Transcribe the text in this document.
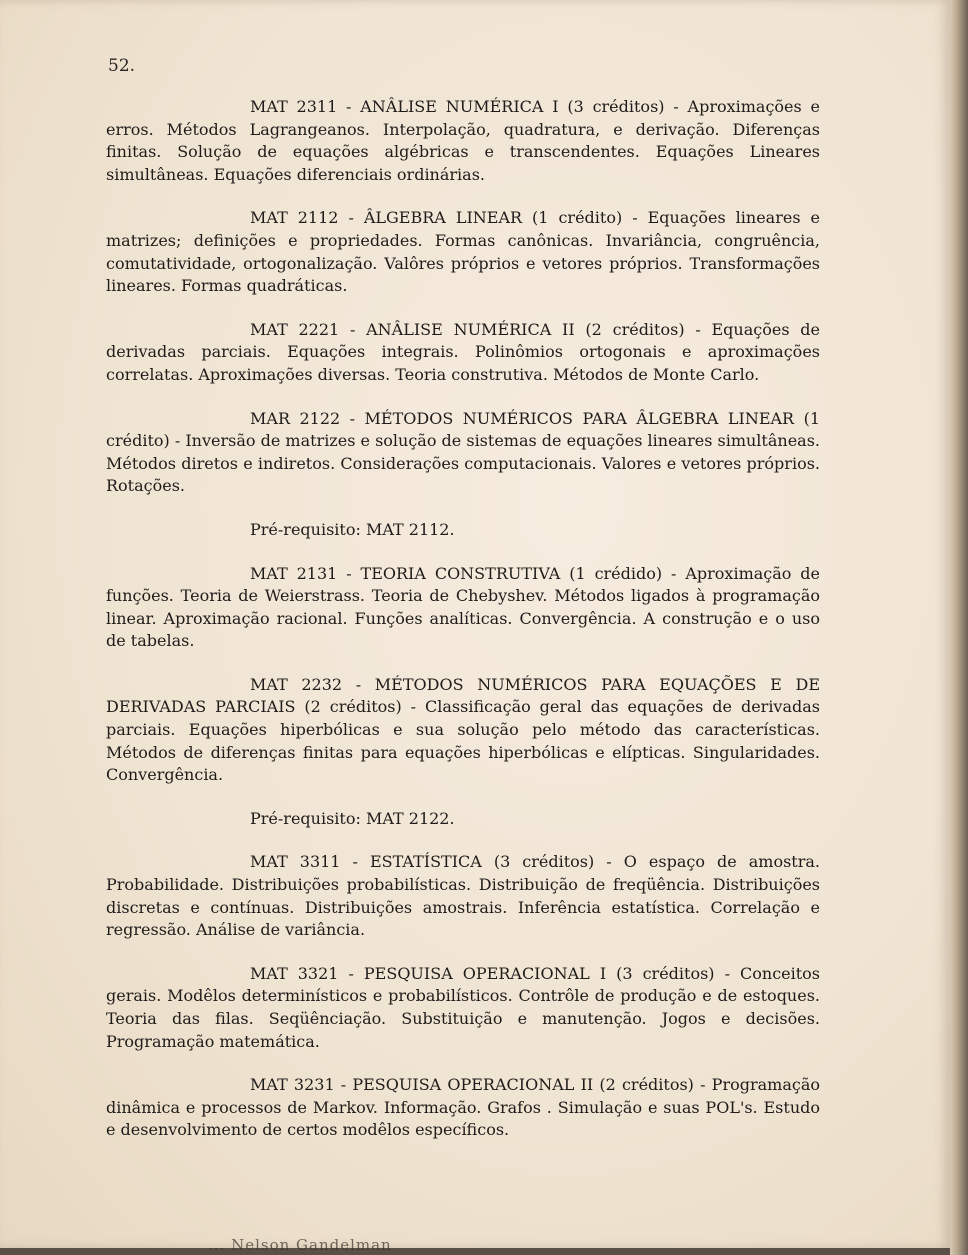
52.

MAT 2311 - ANÂLISE NUMÉRICA I (3 créditos) - Aproximações e erros. Métodos Lagrangeanos. Interpolação, quadratura, e derivação. Diferenças finitas. Solução de equações algébricas e transcendentes. Equações Lineares simultâneas. Equações diferenciais ordinárias.

MAT 2112 - ÂLGEBRA LINEAR (1 crédito) - Equações lineares e matrizes; definições e propriedades. Formas canônicas. Invariância, congruência, comutatividade, ortogonalização. Valôres próprios e vetores próprios. Transformações lineares. Formas quadráticas.

MAT 2221 - ANÂLISE NUMÉRICA II (2 créditos) - Equações de derivadas parciais. Equações integrais. Polinômios ortogonais e aproximações correlatas. Aproximações diversas. Teoria construtiva. Métodos de Monte Carlo.

MAR 2122 - MÉTODOS NUMÉRICOS PARA ÂLGEBRA LINEAR (1 crédito) - Inversão de matrizes e solução de sistemas de equações lineares simultâneas. Métodos diretos e indiretos. Considerações computacionais. Valores e vetores próprios. Rotações.

Pré-requisito: MAT 2112.

MAT 2131 - TEORIA CONSTRUTIVA (1 crédido) - Aproximação de funções. Teoria de Weierstrass. Teoria de Chebyshev. Métodos ligados à programação linear. Aproximação racional. Funções analíticas. Convergência. A construção e o uso de tabelas.

MAT 2232 - MÉTODOS NUMÉRICOS PARA EQUAÇÕES E DE DERIVADAS PARCIAIS (2 créditos) - Classificação geral das equações de derivadas parciais. Equações hiperbólicas e sua solução pelo método das características. Métodos de diferenças finitas para equações hiperbólicas e elípticas. Singularidades. Convergência.

Pré-requisito: MAT 2122.

MAT 3311 - ESTATÍSTICA (3 créditos) - O espaço de amostra. Probabilidade. Distribuições probabilísticas. Distribuição de freqüência. Distribuições discretas e contínuas. Distribuições amostrais. Inferência estatística. Correlação e regressão. Análise de variância.

MAT 3321 - PESQUISA OPERACIONAL I (3 créditos) - Conceitos gerais. Modêlos determinísticos e probabilísticos. Contrôle de produção e de estoques. Teoria das filas. Seqüênciação. Substituição e manutenção. Jogos e decisões. Programação matemática.

MAT 3231 - PESQUISA OPERACIONAL II (2 créditos) - Programação dinâmica e processos de Markov. Informação. Grafos . Simulação e suas POL's. Estudo e desenvolvimento de certos modêlos específicos.

... Nelson Gandelman
